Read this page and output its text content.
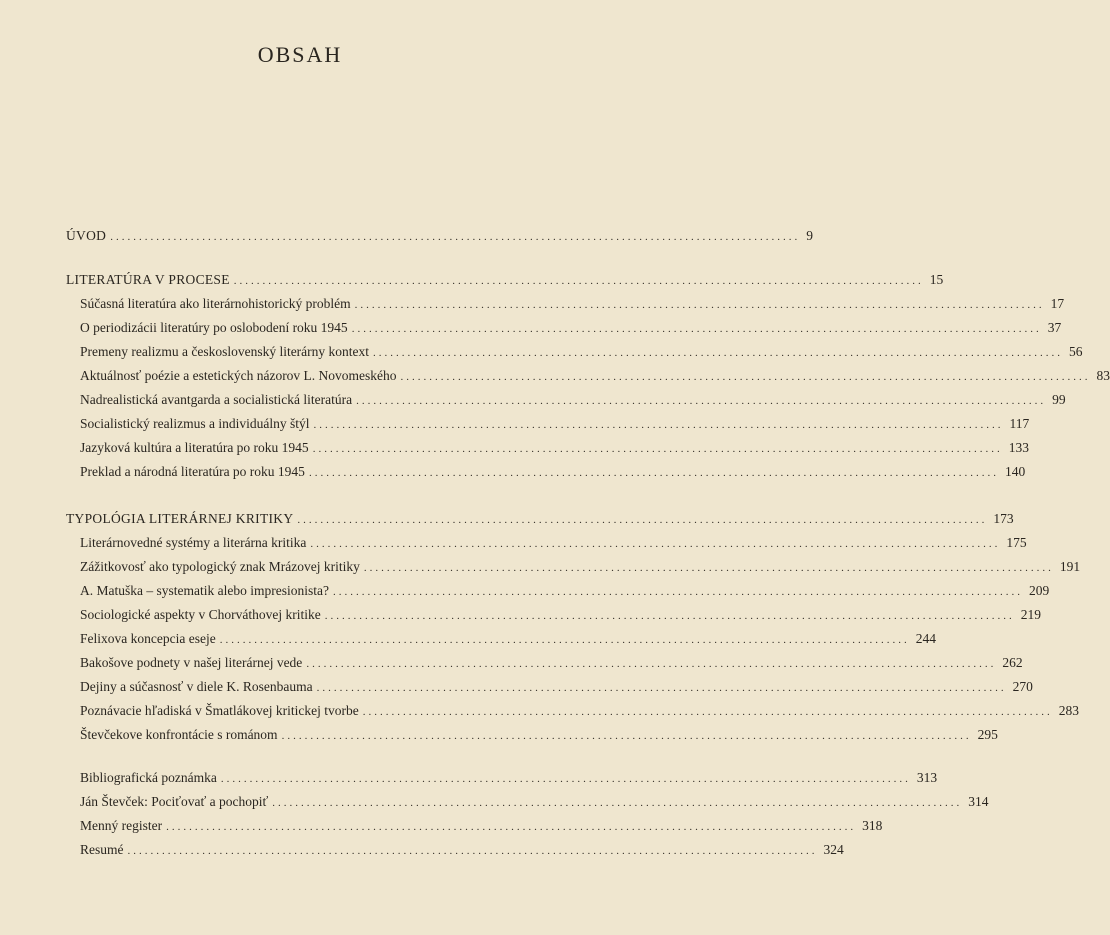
OBSAH
ÚVOD ........................................................................................................................ 9
LITERATÚRA V PROCESE ........................................................................................................................ 15
Súčasná literatúra ako literárnohistorický problém ........................................................................................................................ 17
O periodizácii literatúry po oslobodení roku 1945 ........................................................................................................................ 37
Premeny realizmu a československý literárny kontext ........................................................................................................................ 56
Aktuálnosť poézie a estetických názorov L. Novomeského ........................................................................................................................ 83
Nadrealistická avantgarda a socialistická literatúra ........................................................................................................................ 99
Socialistický realizmus a individuálny štýl ........................................................................................................................ 117
Jazyková kultúra a literatúra po roku 1945 ........................................................................................................................ 133
Preklad a národná literatúra po roku 1945 ........................................................................................................................ 140
TYPOLÓGIA LITERÁRNEJ KRITIKY ........................................................................................................................ 173
Literárnovedné systémy a literárna kritika ........................................................................................................................ 175
Zážitkovosť ako typologický znak Mrázovej kritiky ........................................................................................................................ 191
A. Matuška – systematik alebo impresionista? ........................................................................................................................ 209
Sociologické aspekty v Chorváthovej kritike ........................................................................................................................ 219
Felixova koncepcia eseje ........................................................................................................................ 244
Bakošove podnety v našej literárnej vede ........................................................................................................................ 262
Dejiny a súčasnosť v diele K. Rosenbauma ........................................................................................................................ 270
Poznávacie hľadiská v Šmatlákovej kritickej tvorbe ........................................................................................................................ 283
Števčekove konfrontácie s románom ........................................................................................................................ 295
Bibliografická poznámka ........................................................................................................................ 313
Ján Števček: Pociťovať a pochopiť ........................................................................................................................ 314
Menný register ........................................................................................................................ 318
Resumé ........................................................................................................................ 324
